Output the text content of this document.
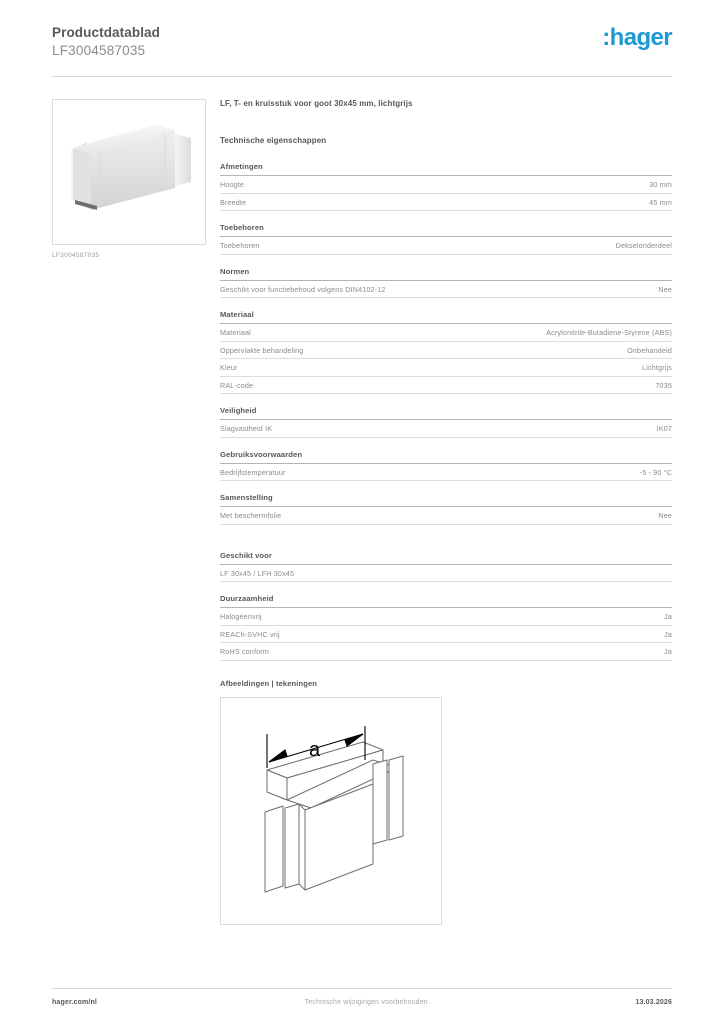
Productdatablad
LF3004587035	:hager
LF3004587035
LF, T- en kruisstuk voor goot 30x45 mm, lichtgrijs
Technische eigenschappen
Afmetingen
Hoogte	30 mm
Breedte	45 mm
Toebehoren
Toebehoren	Dekselonderdeel
Normen
Geschikt voor functiebehoud volgens DIN4102-12	Nee
Materiaal
Materiaal	Acrylonitrile-Butadiene-Styrene (ABS)
Oppervlakte behandeling	Onbehandeld
Kleur	Lichtgrijs
RAL-code	7035
Veiligheid
Slagvastheid IK	IK07
Gebruiksvoorwaarden
Bedrijfstemperatuur	-5 - 90 °C
Samenstelling
Met beschermfolie	Nee
Geschikt voor
LF 30x45 / LFH 30x45
Duurzaamheid
Halogeenvrij	Ja
REACh-SVHC vrij	Ja
RoHS conform	Ja
Afbeeldingen | tekeningen
a
hager.com/nl	Technische wijzigingen voorbehouden	13.03.2026
